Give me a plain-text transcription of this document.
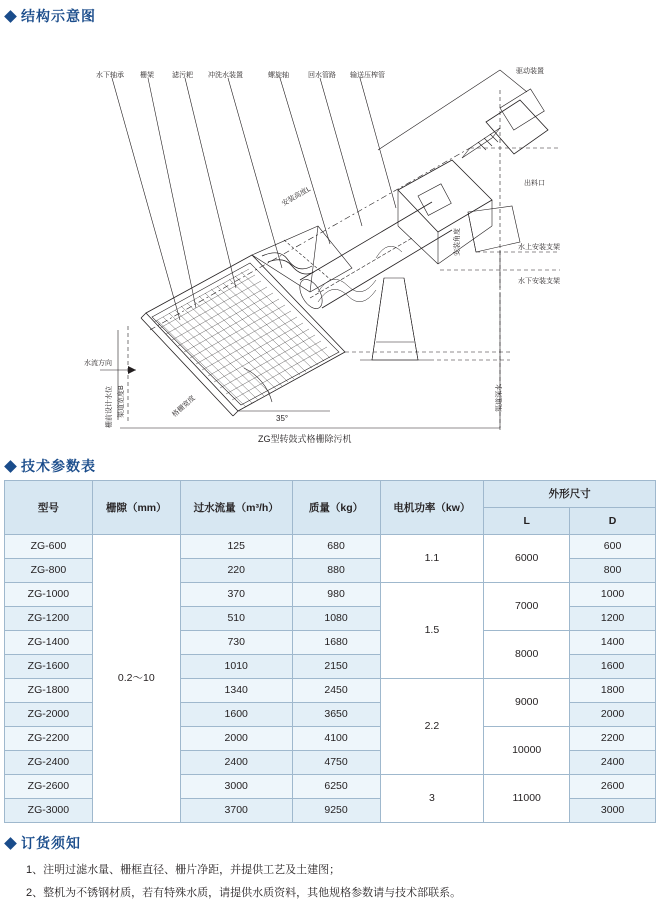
结构示意图
水下轴承 栅架	滤污耙 冲洗水装置	螺旋轴	回水管路 输送压榨管
驱动装置
出料口
水上安装支架
水下安装支架
安装高度L
安装角度
渠道宽度B
水流方向
格栅宽度
栅前设计水位	渠道深水
35°
ZG型转鼓式格栅除污机
技术参数表
型号	栅隙（mm）	过水流量（m³/h）	质量（kg）	电机功率（kw）	外形尺寸	
					L	D
ZG-600	0.2～10	125	680	1.1	6000	600
ZG-800		220	880			800
ZG-1000		370	980	1.5	7000	1000
ZG-1200		510	1080			1200
ZG-1400		730	1680		8000	1400
ZG-1600		1010	2150			1600
ZG-1800		1340	2450	2.2	9000	1800
ZG-2000		1600	3650			2000
ZG-2200		2000	4100		10000	2200
ZG-2400		2400	4750			2400
ZG-2600		3000	6250	3	11000	2600
ZG-3000		3700	9250			3000
订货须知
1、注明过滤水量、栅框直径、栅片净距，并提供工艺及土建图；
2、整机为不锈钢材质，若有特殊水质，请提供水质资料，其他规格参数请与技术部联系。
